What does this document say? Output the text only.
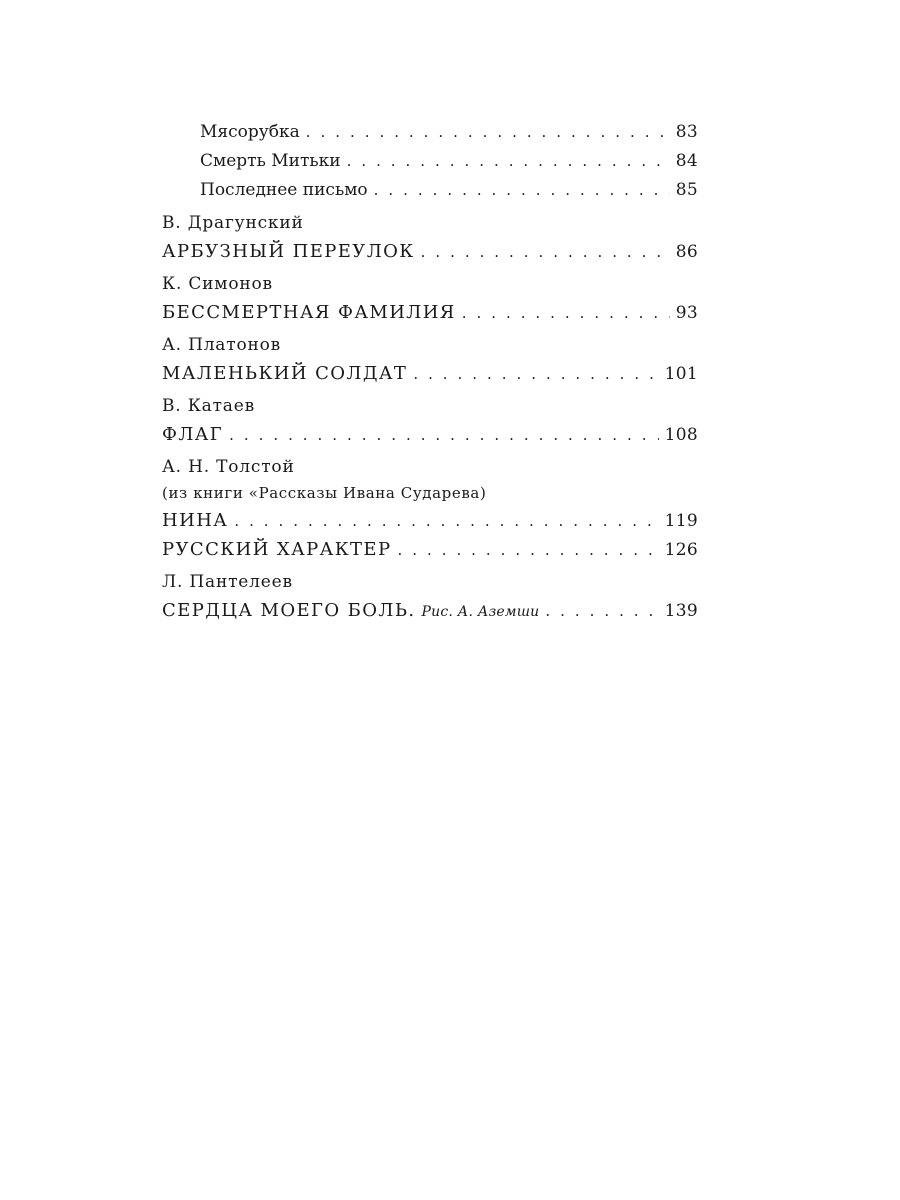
Мясорубка . . .	83
Смерть Митьки . . .	84
Последнее письмо . . .	85
В. Драгунский
АРБУЗНЫЙ ПЕРЕУЛОК . . .	86
К. Симонов
БЕССМЕРТНАЯ ФАМИЛИЯ . . .	93
А. Платонов
МАЛЕНЬКИЙ СОЛДАТ . . .	101
В. Катаев
ФЛАГ . . .	108
А. Н. Толстой
(из книги «Рассказы Ивана Сударева)
НИНА . . .	119
РУССКИЙ ХАРАКТЕР . . .	126
Л. Пантелеев
СЕРДЦА МОЕГО БОЛЬ. Рис. А. Аземши . . .	139
